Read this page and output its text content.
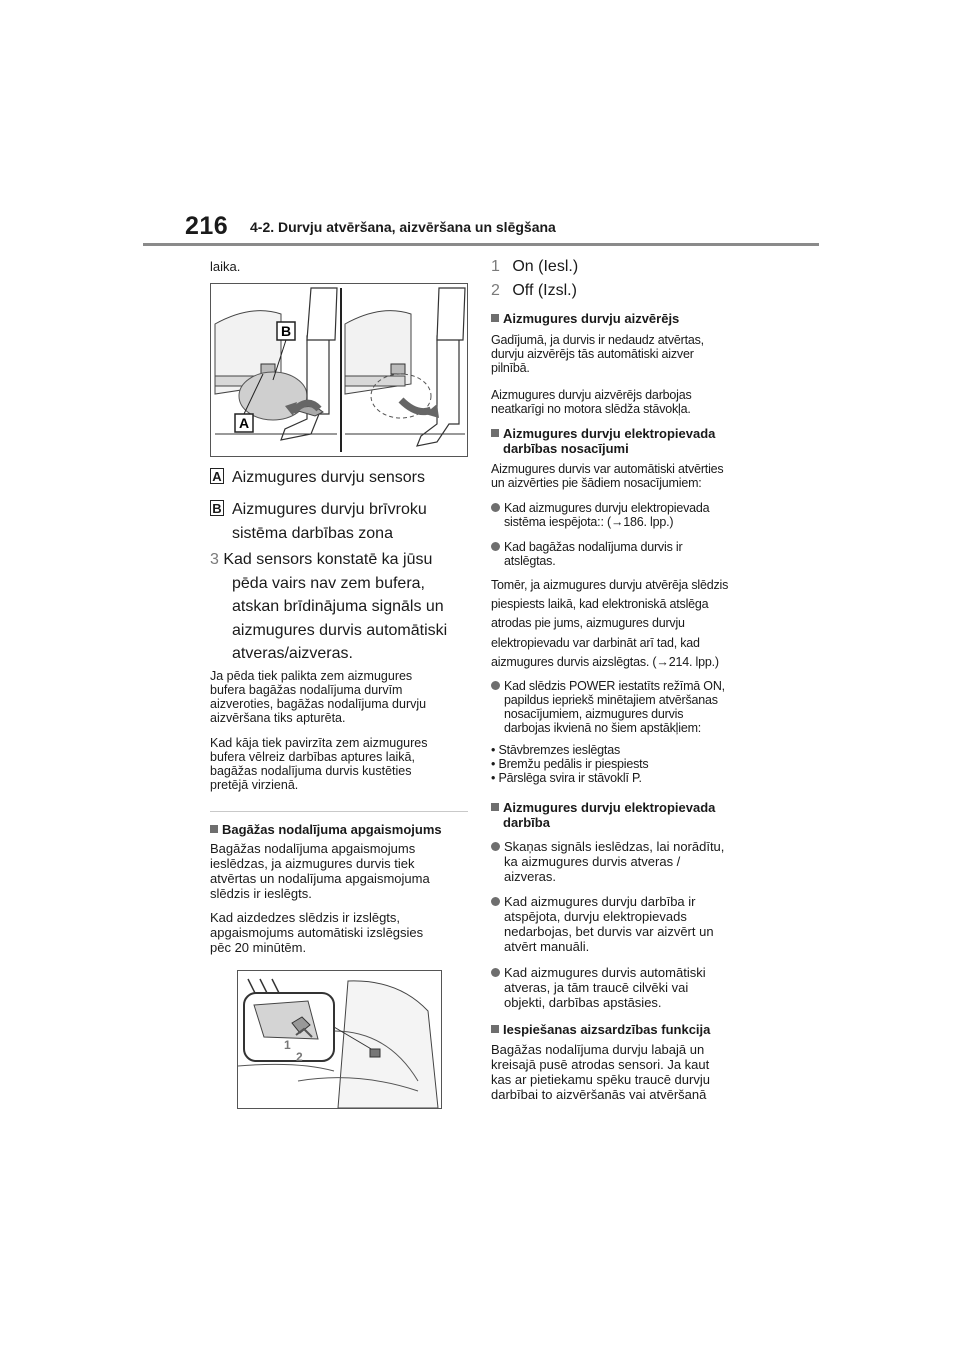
216 4-2. Durvju atvēršana, aizvēršana un slēgšana

laika.

B
A
A Aizmugures durvju sensors
B Aizmugures durvju brīvroku
sistēma darbības zona
3 Kad sensors konstatē ka jūsu
pēda vairs nav zem bufera,
atskan brīdinājuma signāls un
aizmugures durvis automātiski
atveras/aizveras.
Ja pēda tiek palikta zem aizmugures
bufera bagāžas nodalījuma durvīm
aizveroties, bagāžas nodalījuma durvju
aizvēršana tiks apturēta.
Kad kāja tiek pavirzīta zem aizmugures
bufera vēlreiz darbības aptures laikā,
bagāžas nodalījuma durvis kustēties
pretējā virzienā.
Bagāžas nodalījuma apgaismojums
Bagāžas nodalījuma apgaismojums
ieslēdzas, ja aizmugures durvis tiek
atvērtas un nodalījuma apgaismojuma
slēdzis ir ieslēgts.
Kad aizdedzes slēdzis ir izslēgts,
apgaismojums automātiski izslēgsies
pēc 20 minūtēm.
1
2
1 On (Iesl.)
2 Off (Izsl.)
Aizmugures durvju aizvērējs
Gadījumā, ja durvis ir nedaudz atvērtas,
durvju aizvērējs tās automātiski aizver
pilnībā.
Aizmugures durvju aizvērējs darbojas
neatkarīgi no motora slēdža stāvokļa.
Aizmugures durvju elektropievada
darbības nosacījumi
Aizmugures durvis var automātiski atvērties
un aizvērties pie šādiem nosacījumiem:
Kad aizmugures durvju elektropievada
sistēma iespējota:: (→186. lpp.)
Kad bagāžas nodalījuma durvis ir
atslēgtas.
Tomēr, ja aizmugures durvju atvērēja slēdzis
piespiests laikā, kad elektroniskā atslēga
atrodas pie jums, aizmugures durvju
elektropievadu var darbināt arī tad, kad
aizmugures durvis aizslēgtas. (→214. lpp.)
Kad slēdzis POWER iestatīts režīmā ON,
papildus iepriekš minētajiem atvēršanas
nosacījumiem, aizmugures durvis
darbojas ikvienā no šiem apstākļiem:
• Stāvbremzes ieslēgtas
• Bremžu pedālis ir piespiests
• Pārslēga svira ir stāvoklī P.
Aizmugures durvju elektropievada
darbība
Skaņas signāls ieslēdzas, lai norādītu,
ka aizmugures durvis atveras /
aizveras.
Kad aizmugures durvju darbība ir
atspējota, durvju elektropievads
nedarbojas, bet durvis var aizvērt un
atvērt manuāli.
Kad aizmugures durvis automātiski
atveras, ja tām traucē cilvēki vai
objekti, darbības apstāsies.
Iespiešanas aizsardzības funkcija
Bagāžas nodalījuma durvju labajā un
kreisajā pusē atrodas sensori. Ja kaut
kas ar pietiekamu spēku traucē durvju
darbībai to aizvēršanās vai atvēršanā
